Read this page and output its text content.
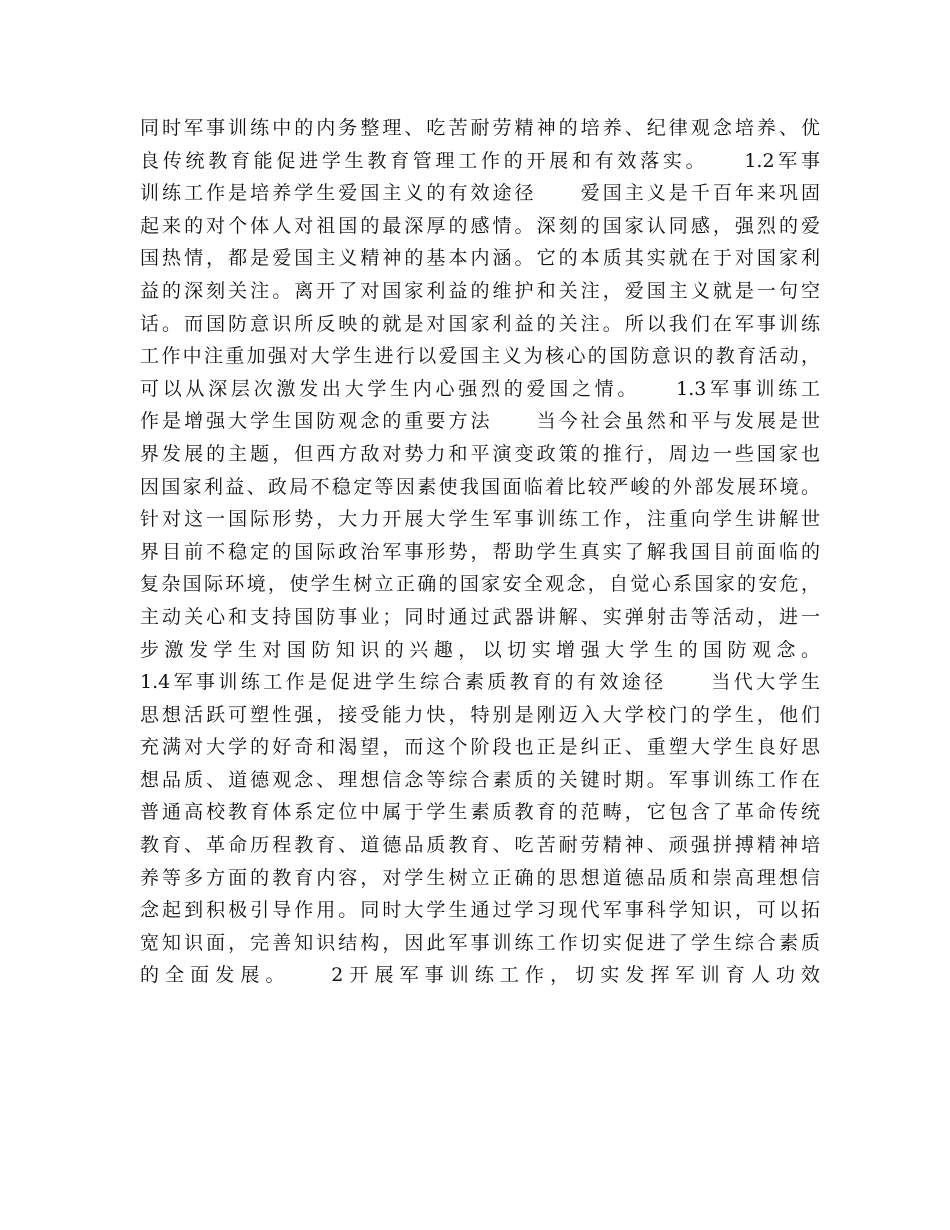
同时军事训练中的内务整理、吃苦耐劳精神的培养、纪律观念培养、优
良传统教育能促进学生教育管理工作的开展和有效落实。　　1.2军事
训练工作是培养学生爱国主义的有效途径　　爱国主义是千百年来巩固
起来的对个体人对祖国的最深厚的感情。深刻的国家认同感，强烈的爱
国热情，都是爱国主义精神的基本内涵。它的本质其实就在于对国家利
益的深刻关注。离开了对国家利益的维护和关注，爱国主义就是一句空
话。而国防意识所反映的就是对国家利益的关注。所以我们在军事训练
工作中注重加强对大学生进行以爱国主义为核心的国防意识的教育活动，
可以从深层次激发出大学生内心强烈的爱国之情。　　1.3军事训练工
作是增强大学生国防观念的重要方法　　当今社会虽然和平与发展是世
界发展的主题，但西方敌对势力和平演变政策的推行，周边一些国家也
因国家利益、政局不稳定等因素使我国面临着比较严峻的外部发展环境。
针对这一国际形势，大力开展大学生军事训练工作，注重向学生讲解世
界目前不稳定的国际政治军事形势，帮助学生真实了解我国目前面临的
复杂国际环境，使学生树立正确的国家安全观念，自觉心系国家的安危，
主动关心和支持国防事业；同时通过武器讲解、实弹射击等活动，进一
步激发学生对国防知识的兴趣，以切实增强大学生的国防观念。
1.4军事训练工作是促进学生综合素质教育的有效途径　　当代大学生
思想活跃可塑性强，接受能力快，特别是刚迈入大学校门的学生，他们
充满对大学的好奇和渴望，而这个阶段也正是纠正、重塑大学生良好思
想品质、道德观念、理想信念等综合素质的关键时期。军事训练工作在
普通高校教育体系定位中属于学生素质教育的范畴，它包含了革命传统
教育、革命历程教育、道德品质教育、吃苦耐劳精神、顽强拼搏精神培
养等多方面的教育内容，对学生树立正确的思想道德品质和崇高理想信
念起到积极引导作用。同时大学生通过学习现代军事科学知识，可以拓
宽知识面，完善知识结构，因此军事训练工作切实促进了学生综合素质
的全面发展。　　2开展军事训练工作，切实发挥军训育人功效
